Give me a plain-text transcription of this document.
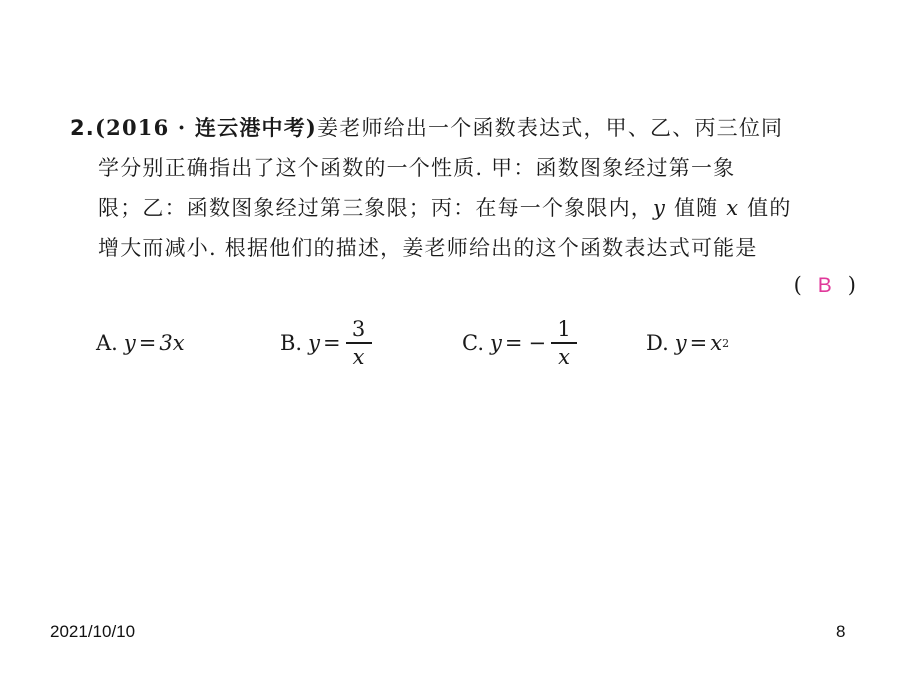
2.(2016 · 连云港中考)姜老师给出一个函数表达式，甲、乙、丙三位同
学分别正确指出了这个函数的一个性质. 甲：函数图象经过第一象
限；乙：函数图象经过第三象限；丙：在每一个象限内，y 值随 x 值的
增大而减小. 根据他们的描述，姜老师给出的这个函数表达式可能是
( B )
A. y = 3x	B. $y = \frac{3}{x}$	C. y = − $\frac{1}{x}$	D. y = x 2
2021/10/10	8
